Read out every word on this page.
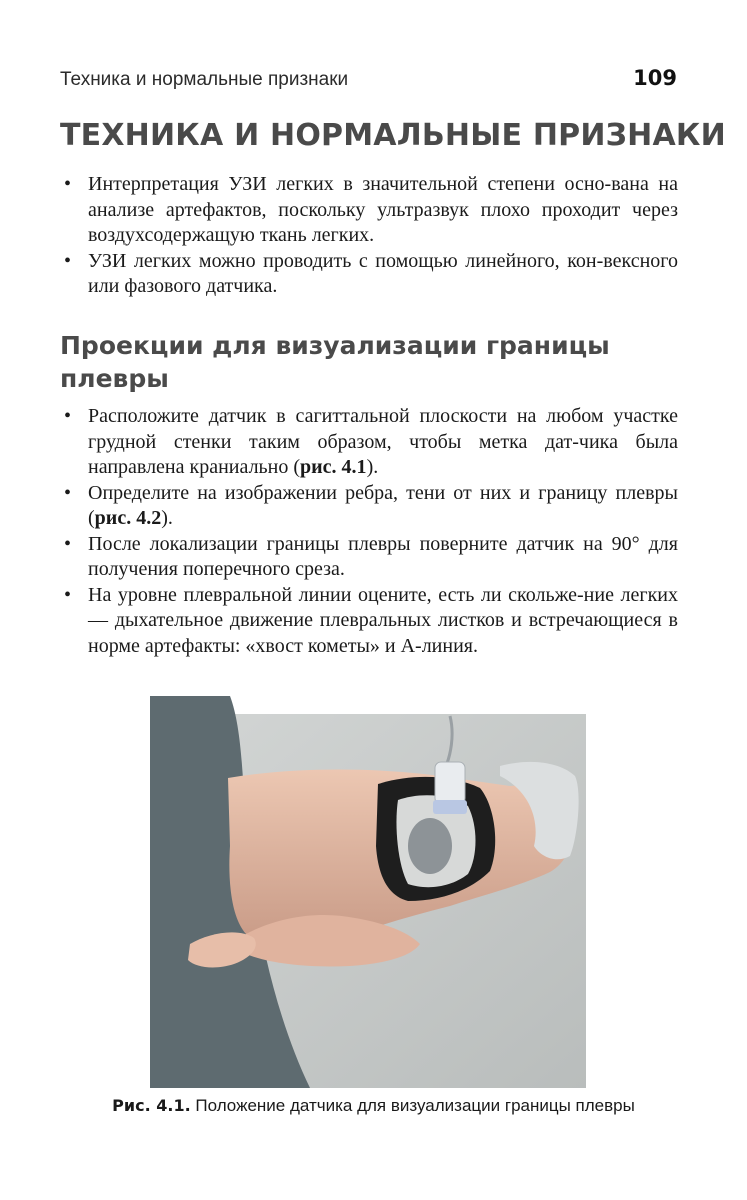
Техника и нормальные признаки	109
ТЕХНИКА И НОРМАЛЬНЫЕ ПРИЗНАКИ
• Интерпретация УЗИ легких в значительной степени осно-вана на анализе артефактов, поскольку ультразвук плохо проходит через воздухсодержащую ткань легких.
• УЗИ легких можно проводить с помощью линейного, кон-вексного или фазового датчика.
Проекции для визуализации границы плевры
• Расположите датчик в сагиттальной плоскости на любом участке грудной стенки таким образом, чтобы метка дат-чика была направлена краниально (рис. 4.1).
• Определите на изображении ребра, тени от них и границу плевры (рис. 4.2).
• После локализации границы плевры поверните датчик на 90° для получения поперечного среза.
• На уровне плевральной линии оцените, есть ли скольже-ние легких — дыхательное движение плевральных листков и встречающиеся в норме артефакты: «хвост кометы» и А-линия.
Рис. 4.1. Положение датчика для визуализации границы плевры
